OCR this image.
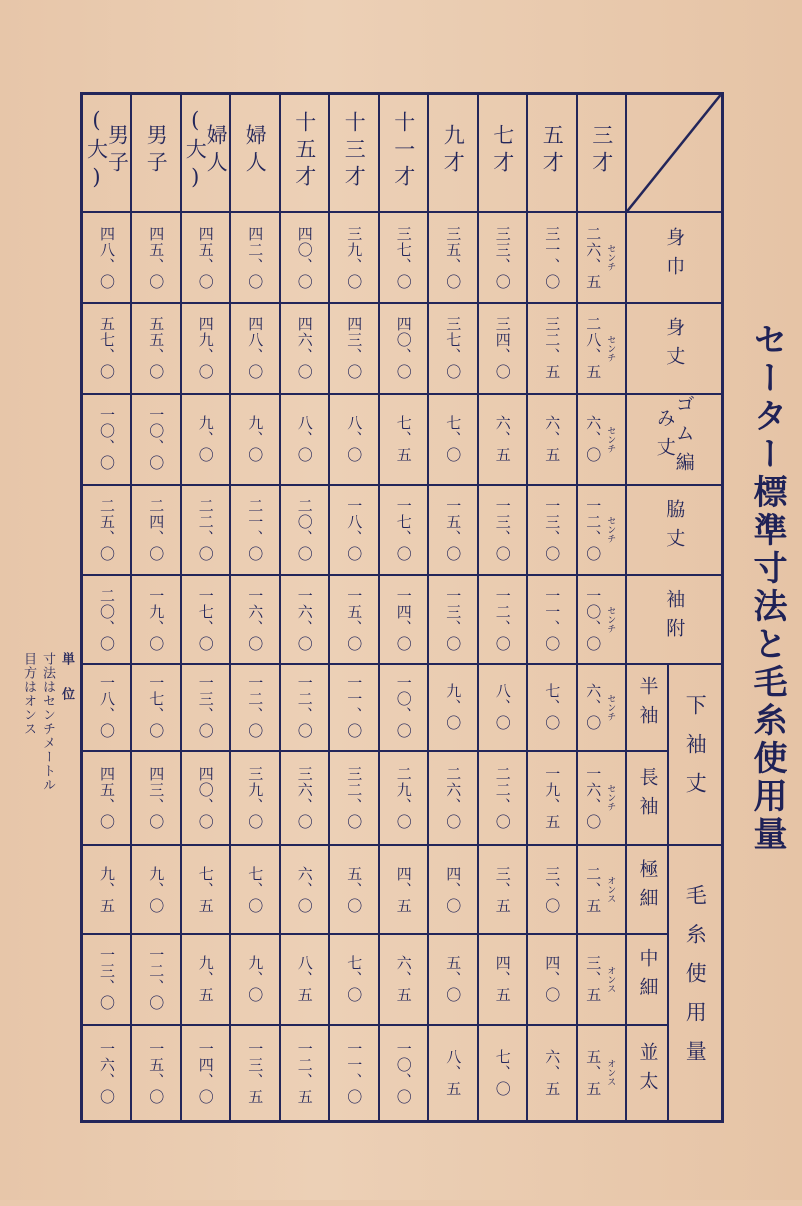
セーター標準寸法と毛糸使用量
単位
寸法はセンチメートル
目方はオンス
男子(大)	男子	婦人(大)	婦人	十五才	十三才	十一才	九才	七才	五才	三才	

四八、〇	四五、〇	四五、〇	四二、〇	四〇、〇	三九、〇	三七、〇	三五、〇	三三、〇	三一、〇	二六、五 センチ	身巾	

五七、〇	五五、〇	四九、〇	四八、〇	四六、〇	四三、〇	四〇、〇	三七、〇	三四、〇	三二、五	二八、五 センチ	身丈	

一〇、〇	一〇、〇	九、〇	九、〇	八、〇	八、〇	七、五	七、〇	六、五	六、五	六、〇 センチ	ゴム編み丈	

二五、〇	二四、〇	二二、〇	二一、〇	二〇、〇	一八、〇	一七、〇	一五、〇	一三、〇	一三、〇	一二、〇 センチ	脇丈	

二〇、〇	一九、〇	一七、〇	一六、〇	一六、〇	一五、〇	一四、〇	一三、〇	一二、〇	一一、〇	一〇、〇 センチ	袖附	

一八、〇	一七、〇	一三、〇	一二、〇	一二、〇	一一、〇	一〇、〇	九、〇	八、〇	七、〇	六、〇 センチ	半袖	下袖丈

四五、〇	四三、〇	四〇、〇	三九、〇	三六、〇	三二、〇	二九、〇	二六、〇	二二、〇	一九、五	一六、〇 センチ	長袖	

九、五	九、〇	七、五	七、〇	六、〇	五、〇	四、五	四、〇	三、五	三、〇	二、五 オンス	極細	毛糸使用量

一三、〇	一二、〇	九、五	九、〇	八、五	七、〇	六、五	五、〇	四、五	四、〇	三、五 オンス	中細	

一六、〇	一五、〇	一四、〇	一三、五	一二、五	一一、〇	一〇、〇	八、五	七、〇	六、五	五、五 オンス	並太	
